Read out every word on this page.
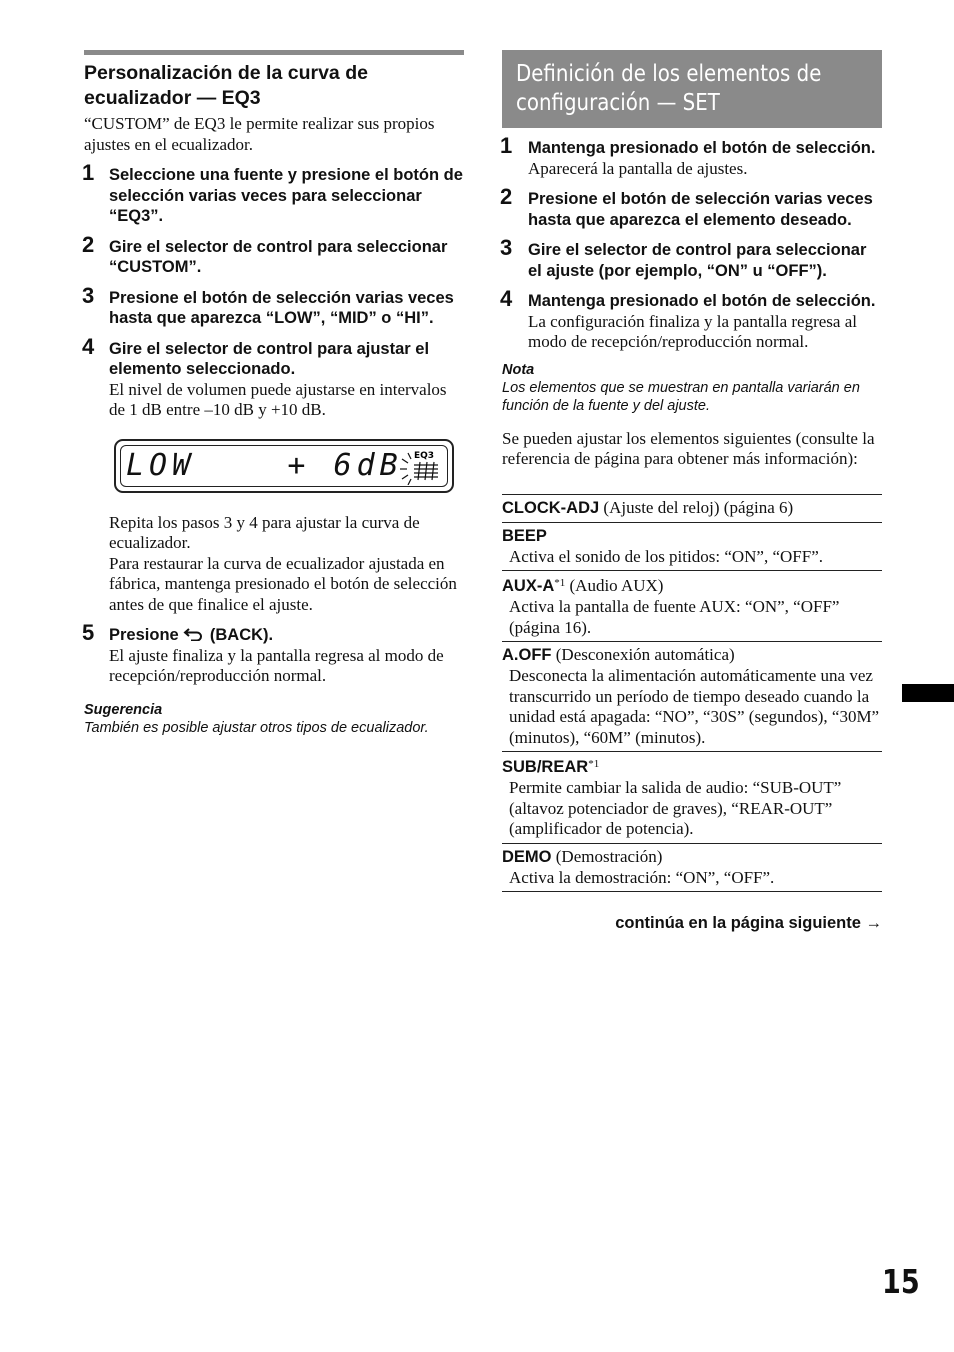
Personalización de la curva de ecualizador — EQ3

“CUSTOM” de EQ3 le permite realizar sus propios ajustes en el ecualizador.

1 Seleccione una fuente y presione el botón de selección varias veces para seleccionar “EQ3”.
2 Gire el selector de control para seleccionar “CUSTOM”.
3 Presione el botón de selección varias veces hasta que aparezca “LOW”, “MID” o “HI”.
4 Gire el selector de control para ajustar el elemento seleccionado.
El nivel de volumen puede ajustarse en intervalos de 1 dB entre –10 dB y +10 dB.
LOW    + 6dB EQ3
Repita los pasos 3 y 4 para ajustar la curva de ecualizador.
Para restaurar la curva de ecualizador ajustada en fábrica, mantenga presionado el botón de selección antes de que finalice el ajuste.
5 Presione (BACK).
El ajuste finaliza y la pantalla regresa al modo de recepción/reproducción normal.
Sugerencia
También es posible ajustar otros tipos de ecualizador.
Definición de los elementos de configuración — SET
1 Mantenga presionado el botón de selección.
Aparecerá la pantalla de ajustes.
2 Presione el botón de selección varias veces hasta que aparezca el elemento deseado.
3 Gire el selector de control para seleccionar el ajuste (por ejemplo, “ON” u “OFF”).
4 Mantenga presionado el botón de selección.
La configuración finaliza y la pantalla regresa al modo de recepción/reproducción normal.
Nota
Los elementos que se muestran en pantalla variarán en función de la fuente y del ajuste.
Se pueden ajustar los elementos siguientes (consulte la referencia de página para obtener más información):
CLOCK-ADJ (Ajuste del reloj) (página 6)
BEEP
Activa el sonido de los pitidos: “ON”, “OFF”.
AUX-$A^{*1}$ (Audio AUX)
Activa la pantalla de fuente AUX: “ON”, “OFF” (página 16).
A.OFF (Desconexión automática)
Desconecta la alimentación automáticamente una vez transcurrido un período de tiempo deseado cuando la unidad está apagada: “NO”, “30S” (segundos), “30M” (minutos), “60M” (minutos).
SUB/REAR$^{*1}$
Permite cambiar la salida de audio: “SUB-OUT” (altavoz potenciador de graves), “REAR-OUT” (amplificador de potencia).
DEMO (Demostración)
Activa la demostración: “ON”, “OFF”.
continúa en la página siguiente →
15
